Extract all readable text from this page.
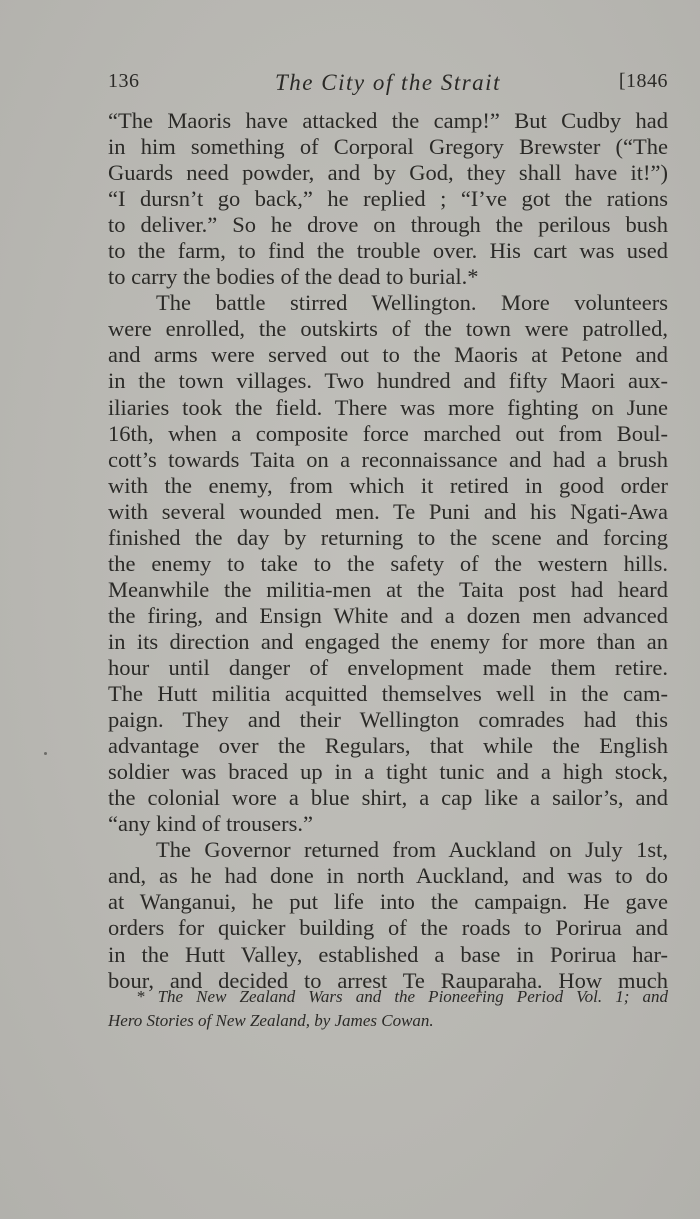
136	The City of the Strait	[1846
“The Maoris have attacked the camp!” But Cudby had
in him something of Corporal Gregory Brewster (“The
Guards need powder, and by God, they shall have it!”)
“I dursn’t go back,” he replied ; “I’ve got the rations
to deliver.” So he drove on through the perilous bush
to the farm, to find the trouble over. His cart was used
to carry the bodies of the dead to burial.*
The battle stirred Wellington. More volunteers
were enrolled, the outskirts of the town were patrolled,
and arms were served out to the Maoris at Petone and
in the town villages. Two hundred and fifty Maori aux-
iliaries took the field. There was more fighting on June
16th, when a composite force marched out from Boul-
cott’s towards Taita on a reconnaissance and had a brush
with the enemy, from which it retired in good order
with several wounded men. Te Puni and his Ngati-Awa
finished the day by returning to the scene and forcing
the enemy to take to the safety of the western hills.
Meanwhile the militia-men at the Taita post had heard
the firing, and Ensign White and a dozen men advanced
in its direction and engaged the enemy for more than an
hour until danger of envelopment made them retire.
The Hutt militia acquitted themselves well in the cam-
paign. They and their Wellington comrades had this
advantage over the Regulars, that while the English
soldier was braced up in a tight tunic and a high stock,
the colonial wore a blue shirt, a cap like a sailor’s, and
“any kind of trousers.”
The Governor returned from Auckland on July 1st,
and, as he had done in north Auckland, and was to do
at Wanganui, he put life into the campaign. He gave
orders for quicker building of the roads to Porirua and
in the Hutt Valley, established a base in Porirua har-
bour, and decided to arrest Te Rauparaha. How much
* The New Zealand Wars and the Pioneering Period Vol. 1; and
Hero Stories of New Zealand, by James Cowan.
